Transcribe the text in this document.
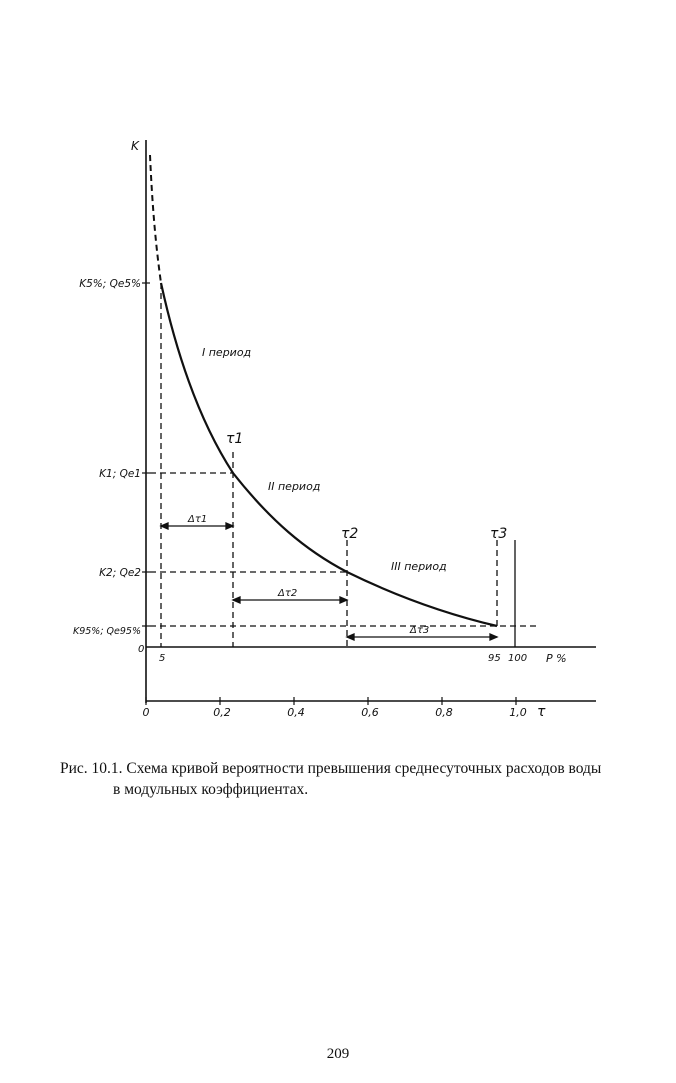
K
0
P %
τ
K5%; Qe5%
K1; Qe1
K2; Qe2
K95%; Qe95%
5	95 100
0	0,2	0,4	0,6	0,8	1,0
I период
II период
III период
τ1
τ2	τ3
Δτ1
Δτ2
Δτ3
Рис. 10.1. Схема кривой вероятности превышения среднесуточных расходов воды
в модульных коэффициентах.
209
